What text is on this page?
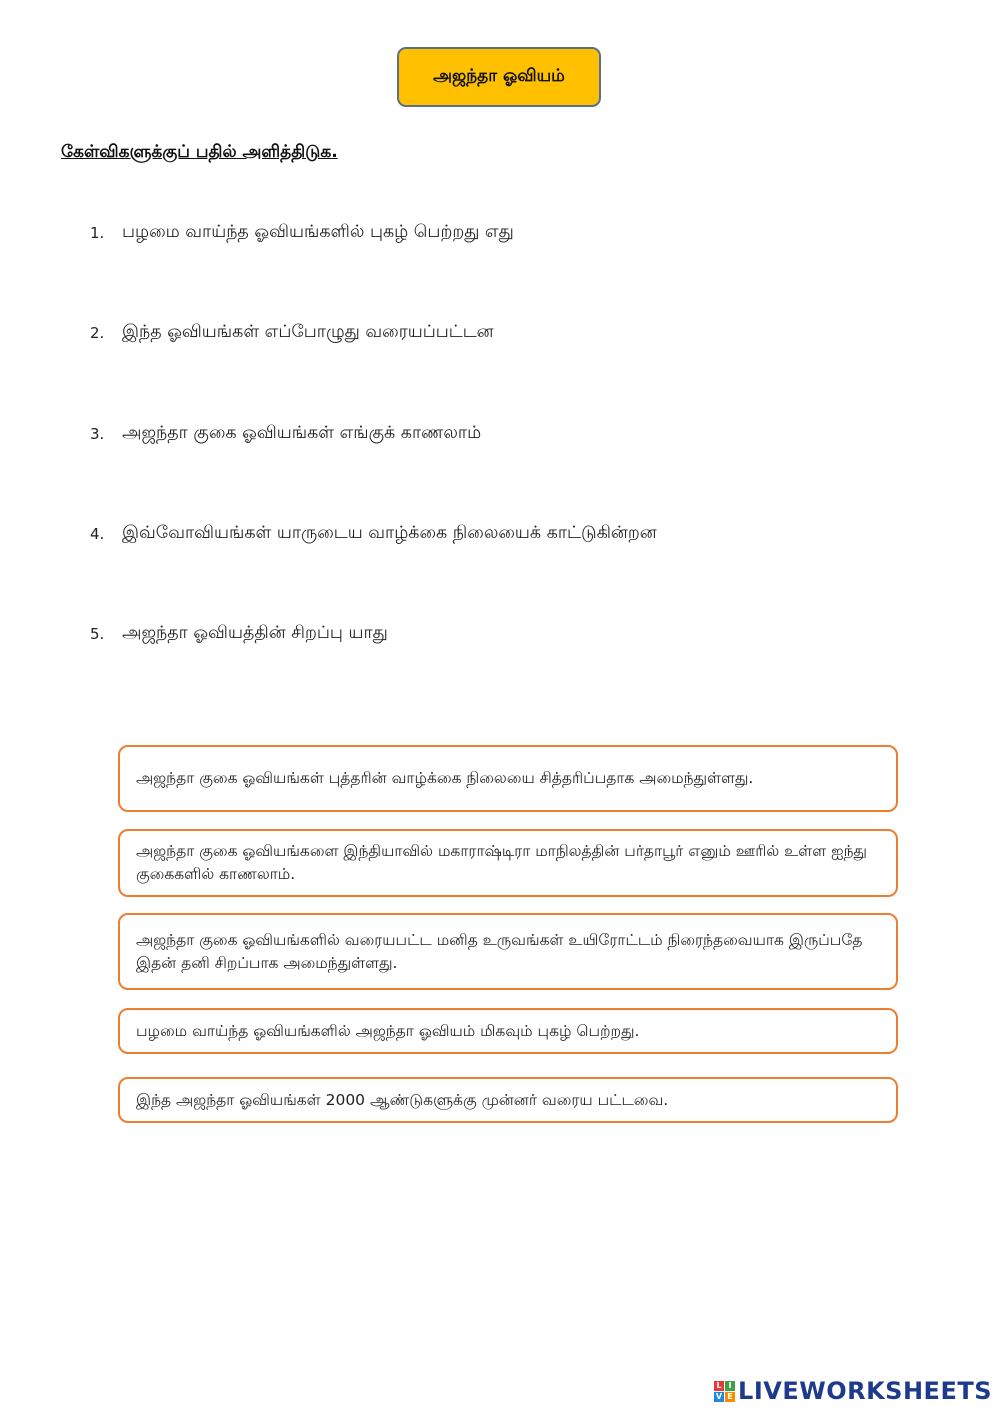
அஜந்தா ஓவியம்
கேள்விகளுக்குப் பதில் அளித்திடுக.
1.	பழமை வாய்ந்த ஓவியங்களில் புகழ் பெற்றது எது
2.	இந்த ஓவியங்கள் எப்போழுது வரையப்பட்டன
3.	அஜந்தா குகை ஓவியங்கள் எங்குக் காணலாம்
4.	இவ்வோவியங்கள் யாருடைய வாழ்க்கை நிலையைக் காட்டுகின்றன
5.	அஜந்தா ஓவியத்தின் சிறப்பு யாது
அஜந்தா குகை ஓவியங்கள் புத்தரின் வாழ்க்கை நிலையை சித்தரிப்பதாக அமைந்துள்ளது.
அஜந்தா குகை ஓவியங்களை இந்தியாவில் மகாராஷ்டிரா மாநிலத்தின் பர்தாபூர் எனும் ஊரில் உள்ள ஐந்து குகைகளில் காணலாம்.
அஜந்தா குகை ஓவியங்களில் வரையபட்ட மனித உருவங்கள் உயிரோட்டம் நிரைந்தவையாக இருப்பதே இதன் தனி சிறப்பாக அமைந்துள்ளது.
பழமை வாய்ந்த ஓவியங்களில் அஜந்தா ஓவியம் மிகவும் புகழ் பெற்றது.
இந்த அஜந்தா ஓவியங்கள் 2000 ஆண்டுகளுக்கு முன்னர் வரைய பட்டவை.
L I
V E LIVEWORKSHEETS
